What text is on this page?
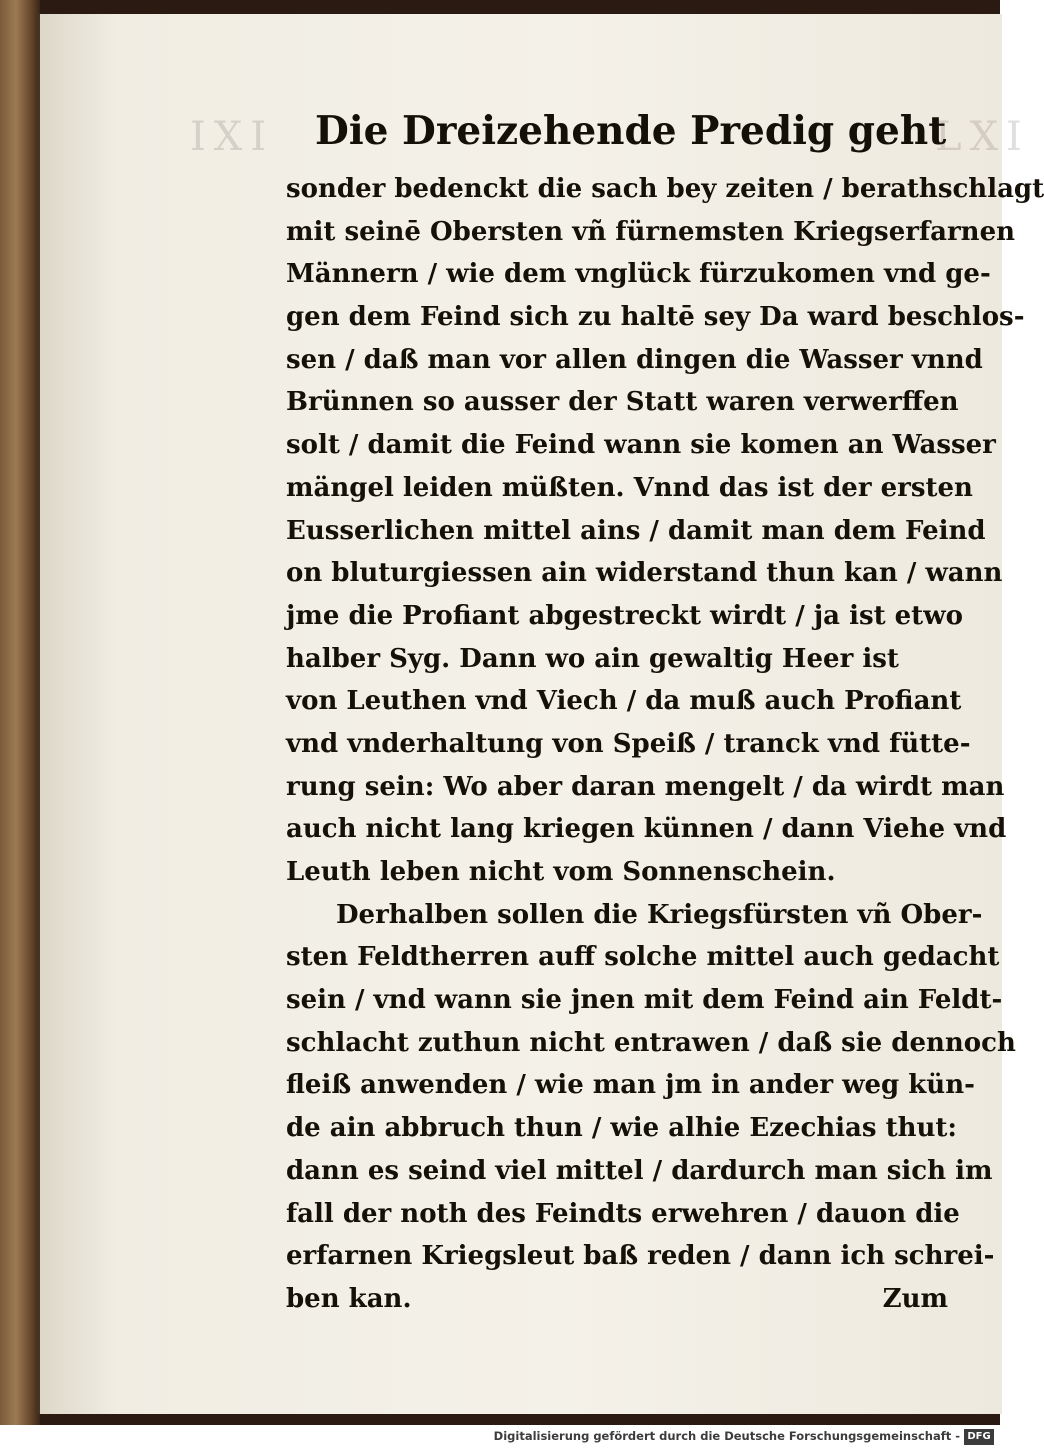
IXI	LXI
Die Dreizehende Predig geht
sonder bedenckt die sach bey zeiten / berathschlagt
mit seinē Obersten vñ fürnemsten Kriegserfarnen
Männern / wie dem vnglück fürzukomen vnd ge-
gen dem Feind sich zu haltē sey Da ward beschlos-
sen / daß man vor allen dingen die Wasser vnnd
Brünnen so ausser der Statt waren verwerffen
solt / damit die Feind wann sie komen an Wasser
mängel leiden müßten. Vnnd das ist der ersten
Eusserlichen mittel ains / damit man dem Feind
on bluturgiessen ain widerstand thun kan / wann
jme die Profiant abgestreckt wirdt / ja ist etwo
halber Syg. Dann wo ain gewaltig Heer ist
von Leuthen vnd Viech / da muß auch Profiant
vnd vnderhaltung von Speiß / tranck vnd fütte-
rung sein: Wo aber daran mengelt / da wirdt man
auch nicht lang kriegen künnen / dann Viehe vnd
Leuth leben nicht vom Sonnenschein.
Derhalben sollen die Kriegsfürsten vñ Ober-
sten Feldtherren auff solche mittel auch gedacht
sein / vnd wann sie jnen mit dem Feind ain Feldt-
schlacht zuthun nicht entrawen / daß sie dennoch
fleiß anwenden / wie man jm in ander weg kün-
de ain abbruch thun / wie alhie Ezechias thut:
dann es seind viel mittel / dardurch man sich im
fall der noth des Feindts erwehren / dauon die
erfarnen Kriegsleut baß reden / dann ich schrei-
ben kan.	Zum
Digitalisierung gefördert durch die Deutsche Forschungsgemeinschaft - DFG
